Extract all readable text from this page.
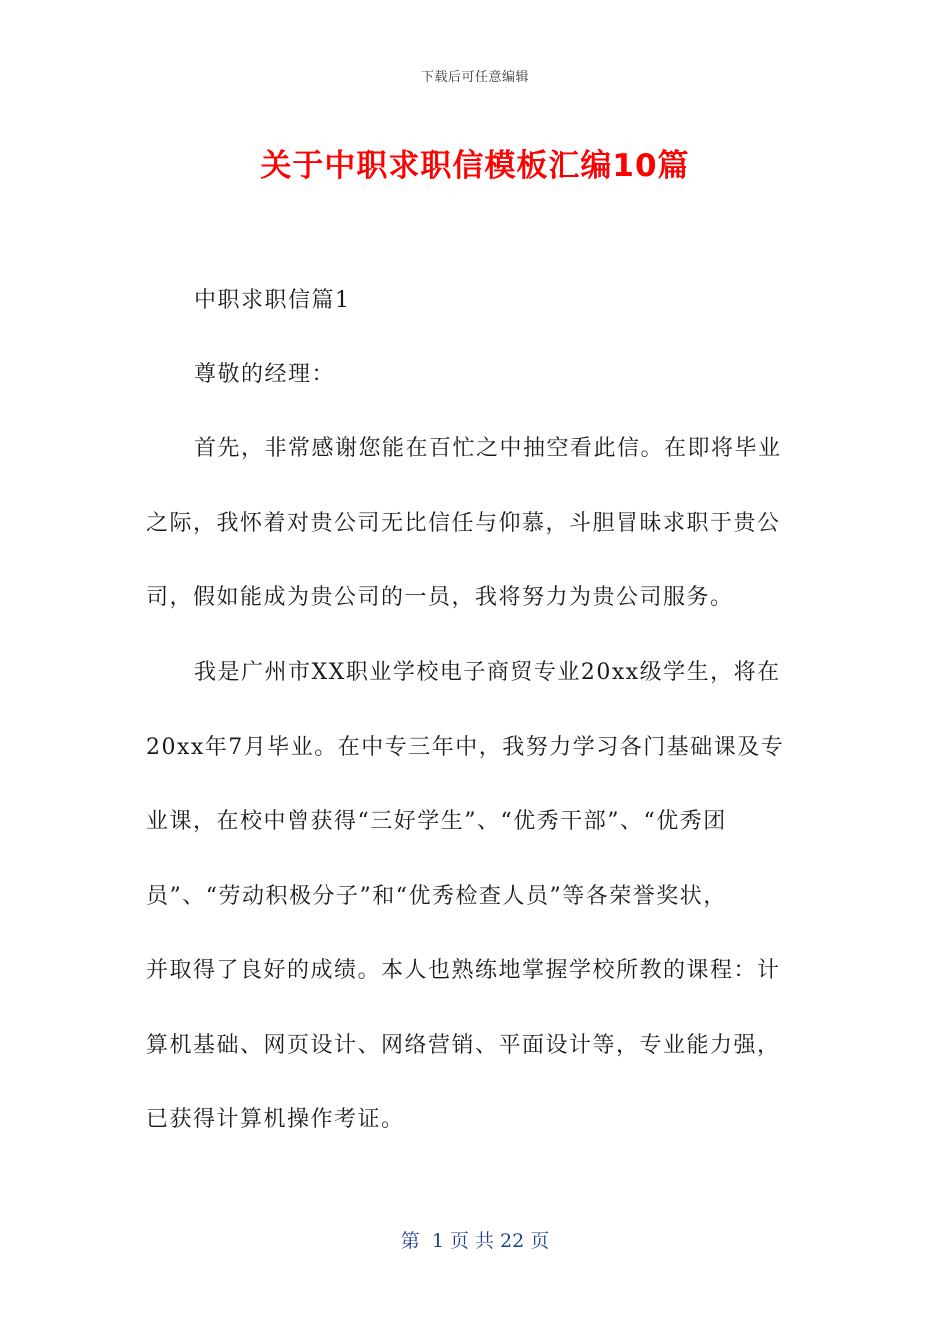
下载后可任意编辑
关于中职求职信模板汇编10篇
中职求职信篇1
尊敬的经理：
首先，非常感谢您能在百忙之中抽空看此信。在即将毕业
之际，我怀着对贵公司无比信任与仰慕，斗胆冒昧求职于贵公
司，假如能成为贵公司的一员，我将努力为贵公司服务。
我是广州市XX职业学校电子商贸专业20xx级学生，将在
20xx年7月毕业。在中专三年中，我努力学习各门基础课及专
业课，在校中曾获得“三好学生”、“优秀干部”、“优秀团
员”、“劳动积极分子”和“优秀检查人员”等各荣誉奖状，
并取得了良好的成绩。本人也熟练地掌握学校所教的课程：计
算机基础、网页设计、网络营销、平面设计等，专业能力强，
已获得计算机操作考证。
第  1 页 共 22 页
